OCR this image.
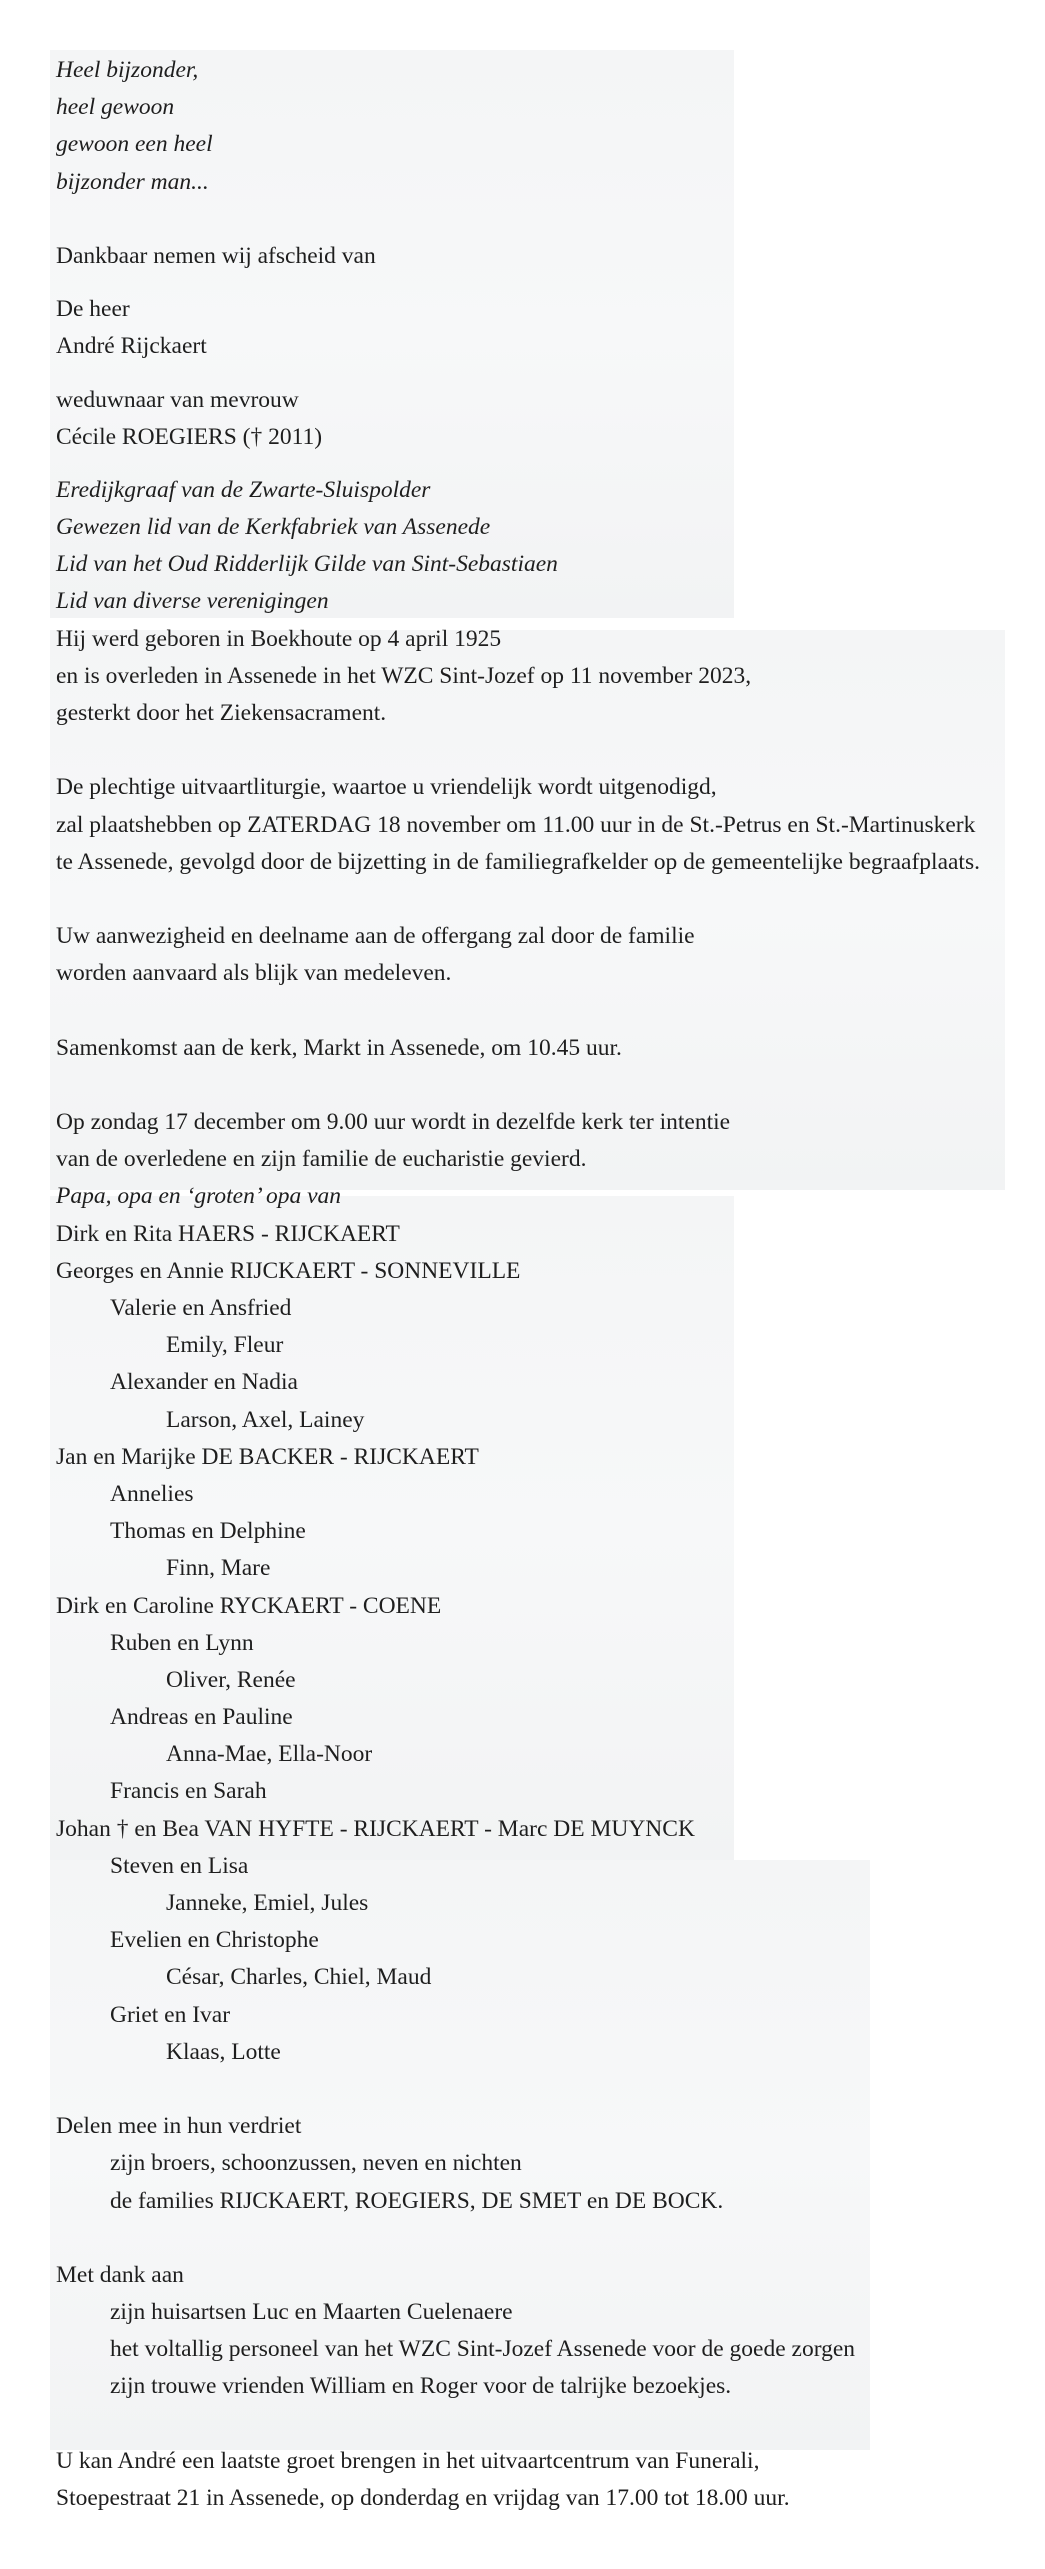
Heel bijzonder,
heel gewoon
gewoon een heel
bijzonder man...
Dankbaar nemen wij afscheid van
De heer
André Rijckaert
weduwnaar van mevrouw
Cécile ROEGIERS († 2011)
Eredijkgraaf van de Zwarte-Sluispolder
Gewezen lid van de Kerkfabriek van Assenede
Lid van het Oud Ridderlijk Gilde van Sint-Sebastiaen
Lid van diverse verenigingen
Hij werd geboren in Boekhoute op 4 april 1925
en is overleden in Assenede in het WZC Sint-Jozef op 11 november 2023,
gesterkt door het Ziekensacrament.
De plechtige uitvaartliturgie, waartoe u vriendelijk wordt uitgenodigd,
zal plaatshebben op ZATERDAG 18 november om 11.00 uur in de St.-Petrus en St.-Martinuskerk
te Assenede, gevolgd door de bijzetting in de familiegrafkelder op de gemeentelijke begraafplaats.
Uw aanwezigheid en deelname aan de offergang zal door de familie
worden aanvaard als blijk van medeleven.
Samenkomst aan de kerk, Markt in Assenede, om 10.45 uur.
Op zondag 17 december om 9.00 uur wordt in dezelfde kerk ter intentie
van de overledene en zijn familie de eucharistie gevierd.
Papa, opa en ‘groten’ opa van
Dirk en Rita HAERS - RIJCKAERT
Georges en Annie RIJCKAERT - SONNEVILLE
Valerie en Ansfried
Emily, Fleur
Alexander en Nadia
Larson, Axel, Lainey
Jan en Marijke DE BACKER - RIJCKAERT
Annelies
Thomas en Delphine
Finn, Mare
Dirk en Caroline RYCKAERT - COENE
Ruben en Lynn
Oliver, Renée
Andreas en Pauline
Anna-Mae, Ella-Noor
Francis en Sarah
Johan † en Bea VAN HYFTE - RIJCKAERT - Marc DE MUYNCK
Steven en Lisa
Janneke, Emiel, Jules
Evelien en Christophe
César, Charles, Chiel, Maud
Griet en Ivar
Klaas, Lotte
Delen mee in hun verdriet
zijn broers, schoonzussen, neven en nichten
de families RIJCKAERT, ROEGIERS, DE SMET en DE BOCK.
Met dank aan
zijn huisartsen Luc en Maarten Cuelenaere
het voltallig personeel van het WZC Sint-Jozef Assenede voor de goede zorgen
zijn trouwe vrienden William en Roger voor de talrijke bezoekjes.
U kan André een laatste groet brengen in het uitvaartcentrum van Funerali,
Stoepestraat 21 in Assenede, op donderdag en vrijdag van 17.00 tot 18.00 uur.
